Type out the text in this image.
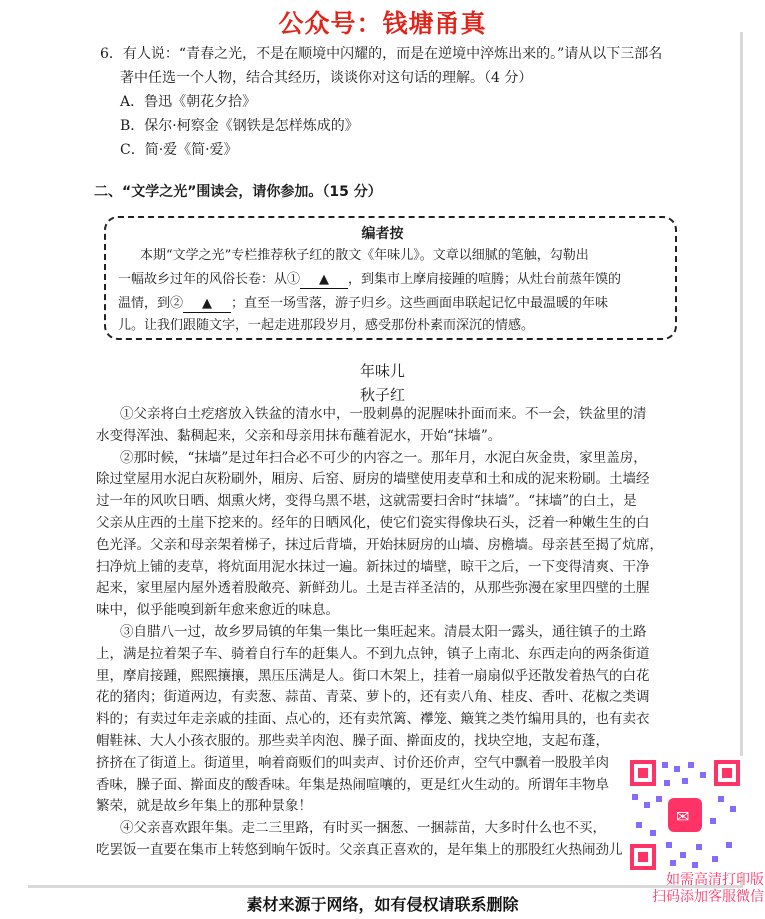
公众号：钱塘甬真
6．有人说：“青春之光，不是在顺境中闪耀的，而是在逆境中淬炼出来的。”请从以下三部名
著中任选一个人物，结合其经历，谈谈你对这句话的理解。（4 分）
A．鲁迅《朝花夕拾》
B．保尔·柯察金《钢铁是怎样炼成的》
C．简·爱《简·爱》
二、“文学之光”围读会，请你参加。（15 分）
编者按
本期“文学之光”专栏推荐秋子红的散文《年味儿》。文章以细腻的笔触，勾勒出
一幅故乡过年的风俗长卷：从① ▲ ，到集市上摩肩接踵的喧腾；从灶台前蒸年馍的
温情，到② ▲ ；直至一场雪落，游子归乡。这些画面串联起记忆中最温暖的年味
儿。让我们跟随文字，一起走进那段岁月，感受那份朴素而深沉的情感。
年味儿
秋子红
①父亲将白土疙瘩放入铁盆的清水中，一股刺鼻的泥腥味扑面而来。不一会，铁盆里的清
水变得浑浊、黏稠起来，父亲和母亲用抹布蘸着泥水，开始“抹墙”。
②那时候，“抹墙”是过年扫合必不可少的内容之一。那年月，水泥白灰金贵，家里盖房，
除过堂屋用水泥白灰粉刷外，厢房、后窑、厨房的墙壁使用麦草和土和成的泥来粉刷。土墙经
过一年的风吹日晒、烟熏火烤，变得乌黑不堪，这就需要扫舍时“抹墙”。“抹墙”的白土，是
父亲从庄西的土崖下挖来的。经年的日晒风化，使它们瓷实得像块石头，泛着一种嫩生生的白
色光泽。父亲和母亲架着梯子，抹过后背墙，开始抹厨房的山墙、房檐墙。母亲甚至揭了炕席，
扫净炕上铺的麦草，将炕面用泥水抹过一遍。新抹过的墙壁，晾干之后，一下变得清爽、干净
起来，家里屋内屋外透着股敞亮、新鲜劲儿。土是吉祥圣洁的，从那些弥漫在家里四壁的土腥
味中，似乎能嗅到新年愈来愈近的味息。
③自腊八一过，故乡罗局镇的年集一集比一集旺起来。清晨太阳一露头，通往镇子的土路
上，满是拉着架子车、骑着自行车的赶集人。不到九点钟，镇子上南北、东西走向的两条街道
里，摩肩接踵，熙熙攘攘，黑压压满是人。街口木架上，挂着一扇扇似乎还散发着热气的白花
花的猪肉；街道两边，有卖葱、蒜苗、青菜、萝卜的，还有卖八角、桂皮、香叶、花椒之类调
料的；有卖过年走亲戚的挂面、点心的，还有卖笊篱、襻笼、簸箕之类竹编用具的，也有卖衣
帽鞋袜、大人小孩衣服的。那些卖羊肉泡、臊子面、擀面皮的，找块空地，支起布蓬，
挤挤在了街道上。街道里，响着商贩们的叫卖声、讨价还价声，空气中飘着一股股羊肉
香味，臊子面、擀面皮的酸香味。年集是热闹喧嚷的，更是红火生动的。所谓年丰物阜
繁荣，就是故乡年集上的那种景象！
④父亲喜欢跟年集。走二三里路，有时买一捆葱、一捆蒜苗，大多时什么也不买，
吃罢饭一直要在集市上转悠到晌午饭时。父亲真正喜欢的，是年集上的那股红火热闹劲儿
✉
如需高清打印版
扫码添加客服微信
素材来源于网络，如有侵权请联系删除
